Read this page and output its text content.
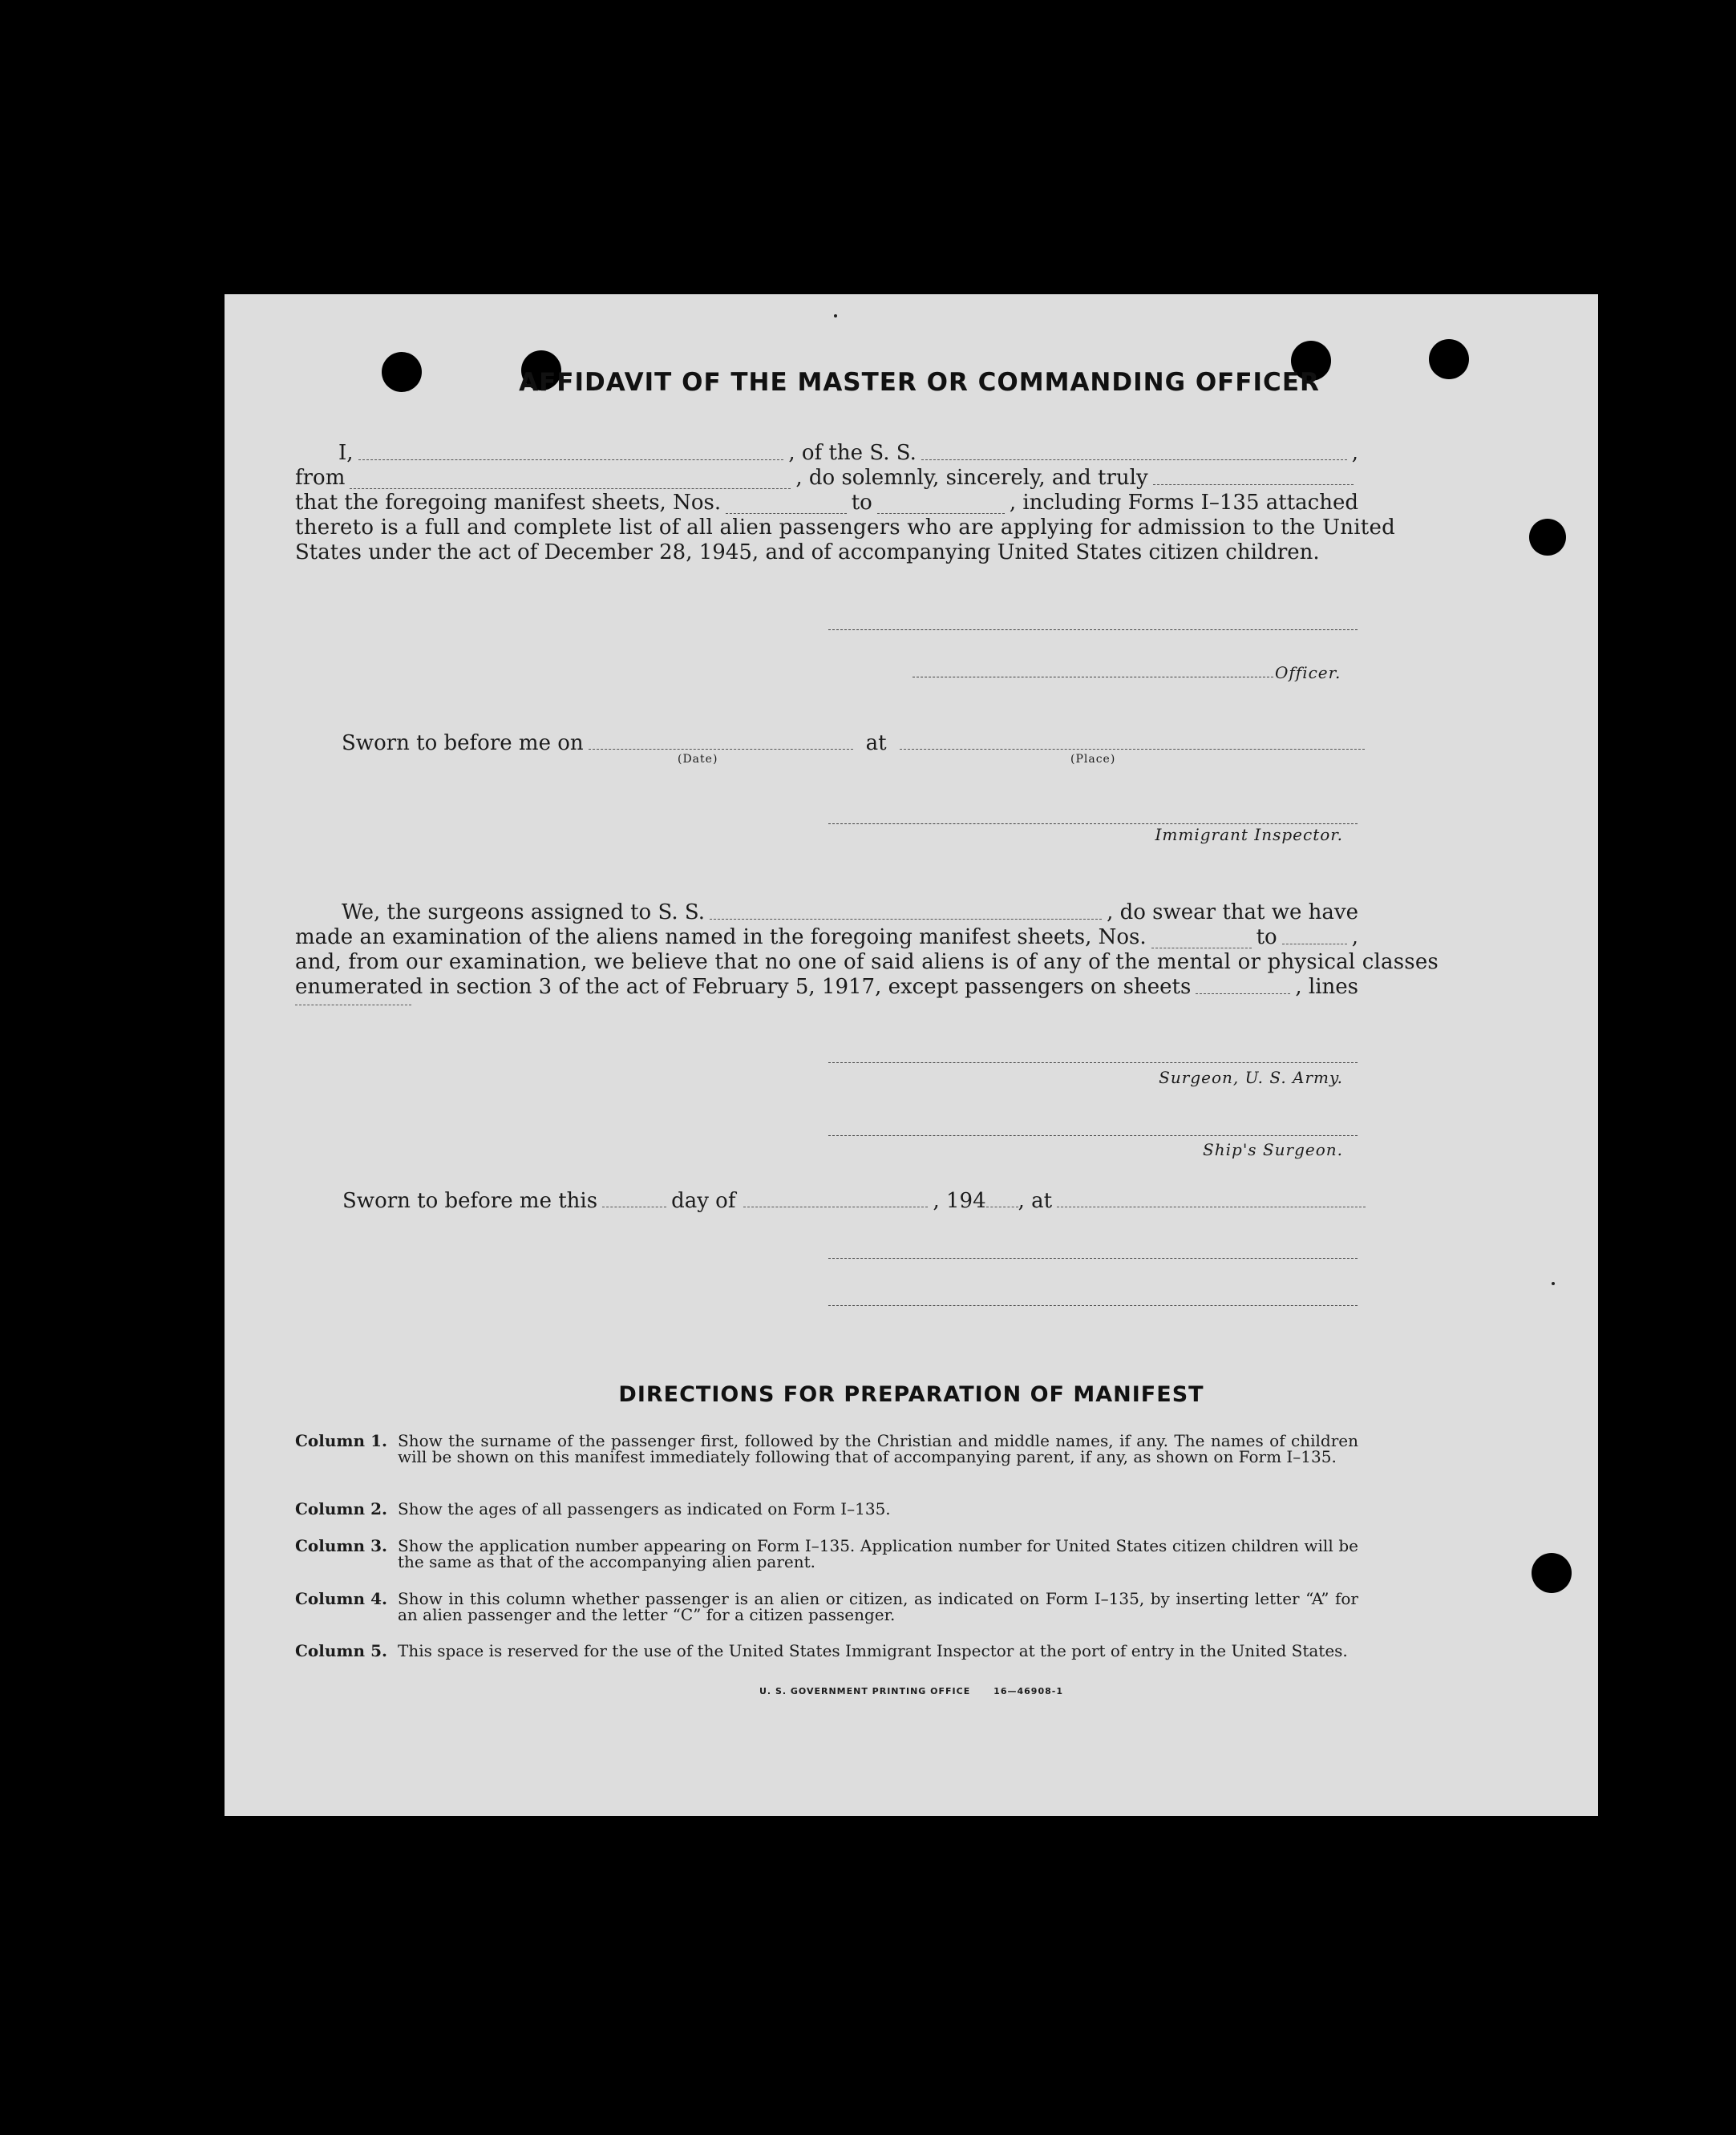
AFFIDAVIT OF THE MASTER OR COMMANDING OFFICER
I,	, of the S. S.	,
from	, do solemnly, sincerely, and truly
that the foregoing manifest sheets, Nos.	to	, including Forms I–135 attached
thereto is a full and complete list of all alien passengers who are applying for admission to the United
States under the act of December 28, 1945, and of accompanying United States citizen children.
Officer.
Sworn to before me on	at
(Date)	(Place)
Immigrant Inspector.
We, the surgeons assigned to S. S.	, do swear that we have
made an examination of the aliens named in the foregoing manifest sheets, Nos.	to	,
and, from our examination, we believe that no one of said aliens is of any of the mental or physical classes
enumerated in section 3 of the act of February 5, 1917, except passengers on sheets	, lines
Surgeon, U. S. Army.
Ship's Surgeon.
Sworn to before me this	day of	, 194 , at
DIRECTIONS FOR PREPARATION OF MANIFEST
Column 1. Show the surname of the passenger first, followed by the Christian and middle names, if any. The names of children will be shown on this manifest immediately following that of accompanying parent, if any, as shown on Form I–135.
Column 2. Show the ages of all passengers as indicated on Form I–135.
Column 3. Show the application number appearing on Form I–135. Application number for United States citizen children will be the same as that of the accompanying alien parent.
Column 4. Show in this column whether passenger is an alien or citizen, as indicated on Form I–135, by inserting letter “A” for an alien passenger and the letter “C” for a citizen passenger.
Column 5. This space is reserved for the use of the United States Immigrant Inspector at the port of entry in the United States.
U. S. GOVERNMENT PRINTING OFFICE      16—46908-1
